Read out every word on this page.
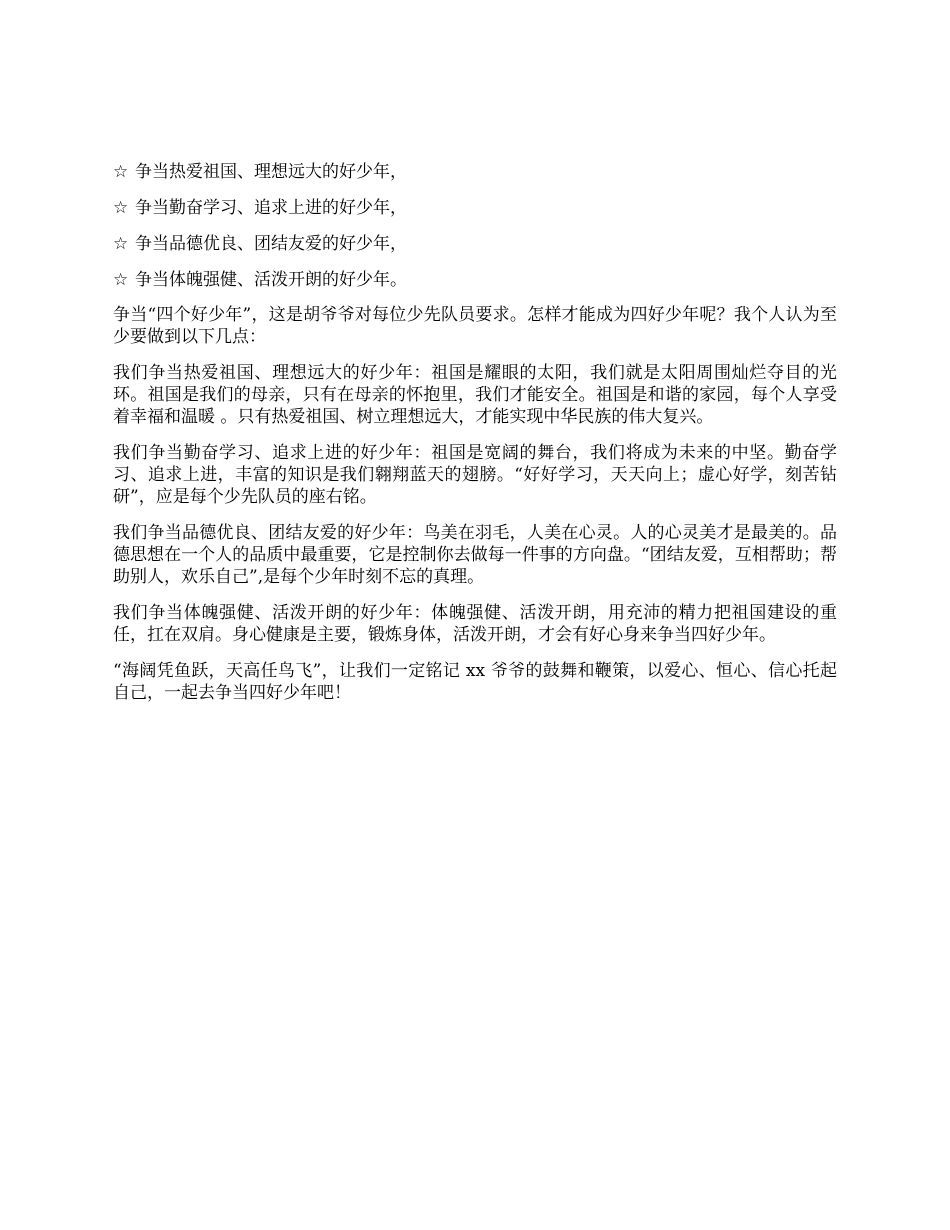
☆ 争当热爱祖国、理想远大的好少年，
☆ 争当勤奋学习、追求上进的好少年，
☆ 争当品德优良、团结友爱的好少年，
☆ 争当体魄强健、活泼开朗的好少年。

争当“四个好少年”，这是胡爷爷对每位少先队员要求。怎样才能成为四好少年呢？我个人认为至少要做到以下几点：

我们争当热爱祖国、理想远大的好少年：祖国是耀眼的太阳，我们就是太阳周围灿烂夺目的光环。祖国是我们的母亲，只有在母亲的怀抱里，我们才能安全。祖国是和谐的家园，每个人享受着幸福和温暖 。只有热爱祖国、树立理想远大，才能实现中华民族的伟大复兴。

我们争当勤奋学习、追求上进的好少年：祖国是宽阔的舞台，我们将成为未来的中坚。勤奋学习、追求上进，丰富的知识是我们翱翔蓝天的翅膀。“好好学习，天天向上；虚心好学，刻苦钻研”，应是每个少先队员的座右铭。

我们争当品德优良、团结友爱的好少年：鸟美在羽毛，人美在心灵。人的心灵美才是最美的。品德思想在一个人的品质中最重要，它是控制你去做每一件事的方向盘。“团结友爱，互相帮助；帮助别人，欢乐自己”,是每个少年时刻不忘的真理。

我们争当体魄强健、活泼开朗的好少年：体魄强健、活泼开朗，用充沛的精力把祖国建设的重任，扛在双肩。身心健康是主要，锻炼身体，活泼开朗，才会有好心身来争当四好少年。

“海阔凭鱼跃，天高任鸟飞”，让我们一定铭记 xx 爷爷的鼓舞和鞭策，以爱心、恒心、信心托起自己，一起去争当四好少年吧！
